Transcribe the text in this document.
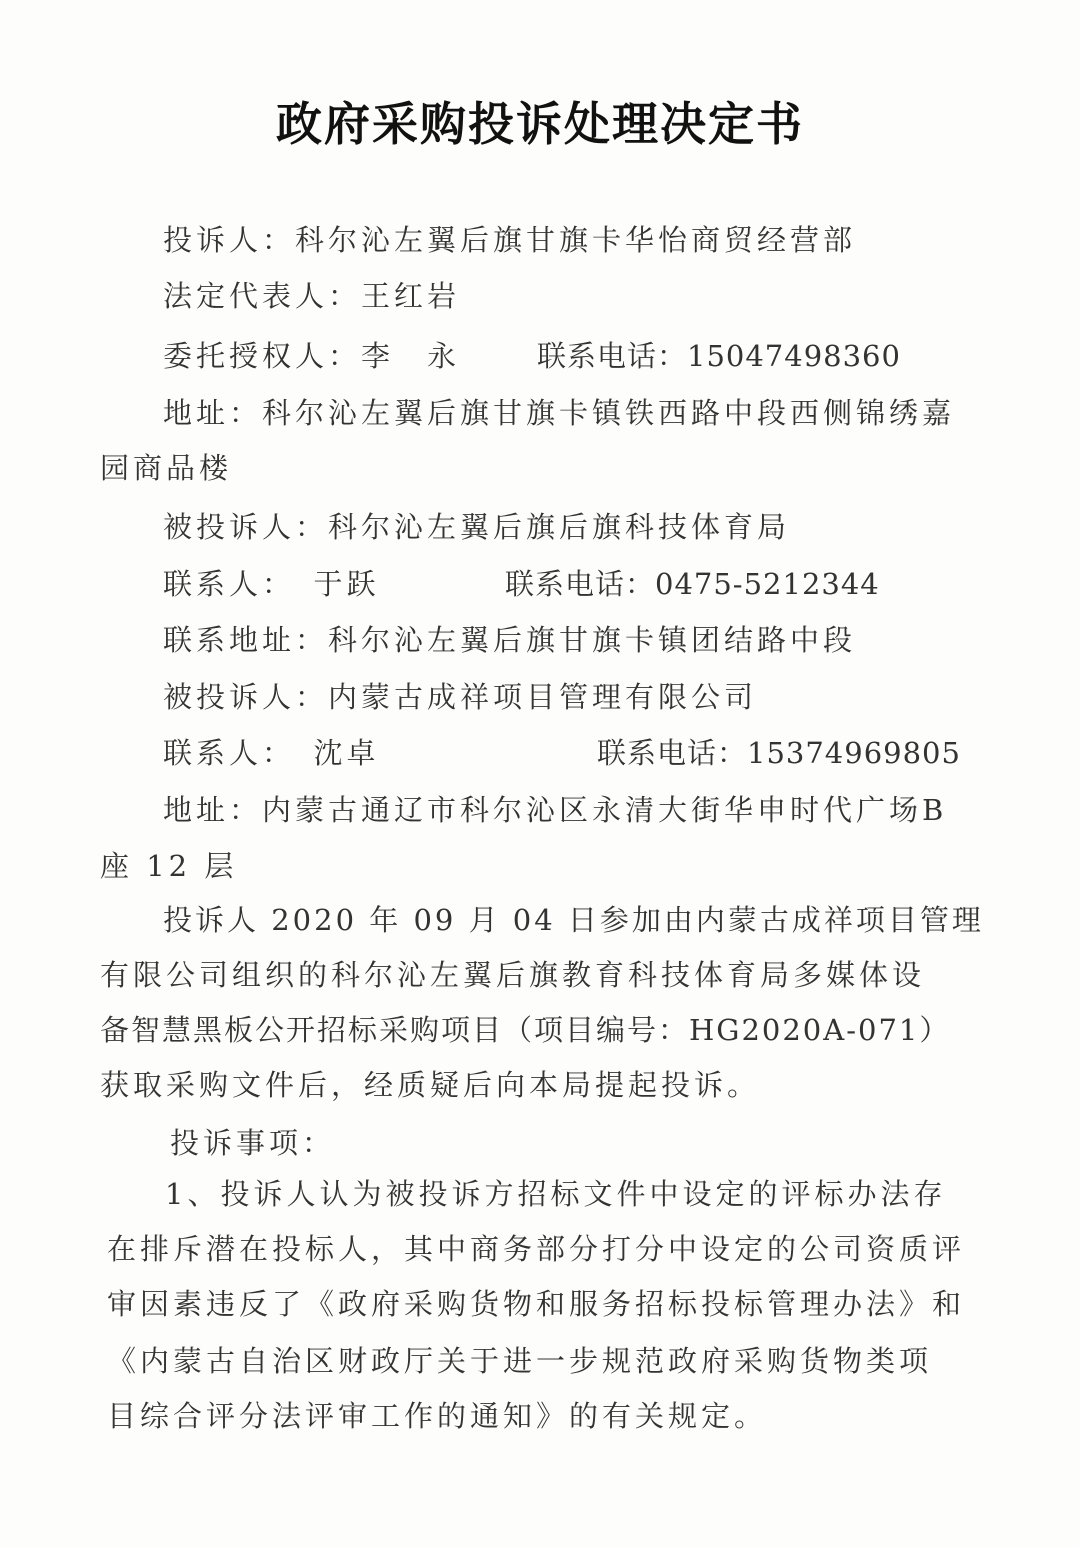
政府采购投诉处理决定书
投诉人：科尔沁左翼后旗甘旗卡华怡商贸经营部
法定代表人：王红岩
委托授权人：李　永	联系电话：15047498360
地址：科尔沁左翼后旗甘旗卡镇铁西路中段西侧锦绣嘉
园商品楼
被投诉人：科尔沁左翼后旗后旗科技体育局
联系人：　于跃	联系电话：0475-5212344
联系地址：科尔沁左翼后旗甘旗卡镇团结路中段
被投诉人：内蒙古成祥项目管理有限公司
联系人：　沈卓	联系电话：15374969805
地址：内蒙古通辽市科尔沁区永清大街华申时代广场B
座 12 层
投诉人 2020 年 09 月 04 日参加由内蒙古成祥项目管理
有限公司组织的科尔沁左翼后旗教育科技体育局多媒体设
备智慧黑板公开招标采购项目（项目编号：HG2020A-071）
获取采购文件后，经质疑后向本局提起投诉。
投诉事项：
1、投诉人认为被投诉方招标文件中设定的评标办法存
在排斥潜在投标人，其中商务部分打分中设定的公司资质评
审因素违反了《政府采购货物和服务招标投标管理办法》和
《内蒙古自治区财政厅关于进一步规范政府采购货物类项
目综合评分法评审工作的通知》的有关规定。
